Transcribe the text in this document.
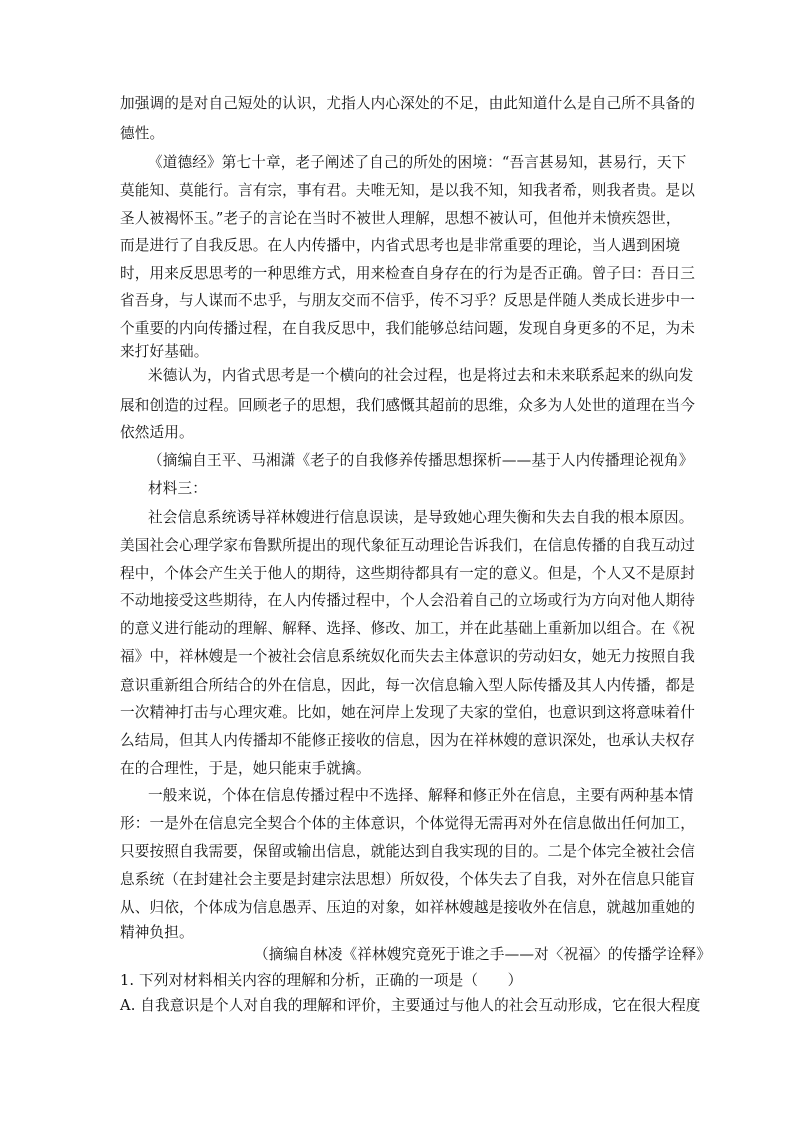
加强调的是对自己短处的认识，尤指人内心深处的不足，由此知道什么是自己所不具备的
德性。
《道德经》第七十章，老子阐述了自己的所处的困境：“吾言甚易知，甚易行，天下
莫能知、莫能行。言有宗，事有君。夫唯无知，是以我不知，知我者希，则我者贵。是以
圣人被褐怀玉。”老子的言论在当时不被世人理解，思想不被认可，但他并未愤疾怨世，
而是进行了自我反思。在人内传播中，内省式思考也是非常重要的理论，当人遇到困境
时，用来反思思考的一种思维方式，用来检查自身存在的行为是否正确。曾子曰：吾日三
省吾身，与人谋而不忠乎，与朋友交而不信乎，传不习乎？反思是伴随人类成长进步中一
个重要的内向传播过程，在自我反思中，我们能够总结问题，发现自身更多的不足，为未
来打好基础。
米德认为，内省式思考是一个横向的社会过程，也是将过去和未来联系起来的纵向发
展和创造的过程。回顾老子的思想，我们感慨其超前的思维，众多为人处世的道理在当今
依然适用。
（摘编自王平、马湘潇《老子的自我修养传播思想探析——基于人内传播理论视角》
材料三：
社会信息系统诱导祥林嫂进行信息误读，是导致她心理失衡和失去自我的根本原因。
美国社会心理学家布鲁默所提出的现代象征互动理论告诉我们，在信息传播的自我互动过
程中，个体会产生关于他人的期待，这些期待都具有一定的意义。但是，个人又不是原封
不动地接受这些期待，在人内传播过程中，个人会沿着自己的立场或行为方向对他人期待
的意义进行能动的理解、解释、选择、修改、加工，并在此基础上重新加以组合。在《祝
福》中，祥林嫂是一个被社会信息系统奴化而失去主体意识的劳动妇女，她无力按照自我
意识重新组合所结合的外在信息，因此，每一次信息输入型人际传播及其人内传播，都是
一次精神打击与心理灾难。比如，她在河岸上发现了夫家的堂伯，也意识到这将意味着什
么结局，但其人内传播却不能修正接收的信息，因为在祥林嫂的意识深处，也承认夫权存
在的合理性，于是，她只能束手就擒。
一般来说，个体在信息传播过程中不选择、解释和修正外在信息，主要有两种基本情
形：一是外在信息完全契合个体的主体意识，个体觉得无需再对外在信息做出任何加工，
只要按照自我需要，保留或输出信息，就能达到自我实现的目的。二是个体完全被社会信
息系统（在封建社会主要是封建宗法思想）所奴役，个体失去了自我，对外在信息只能盲
从、归依，个体成为信息愚弄、压迫的对象，如祥林嫂越是接收外在信息，就越加重她的
精神负担。
（摘编自林凌《祥林嫂究竟死于谁之手——对〈祝福〉的传播学诠释》
1. 下列对材料相关内容的理解和分析，正确的一项是（　　）
A. 自我意识是个人对自我的理解和评价，主要通过与他人的社会互动形成，它在很大程度
